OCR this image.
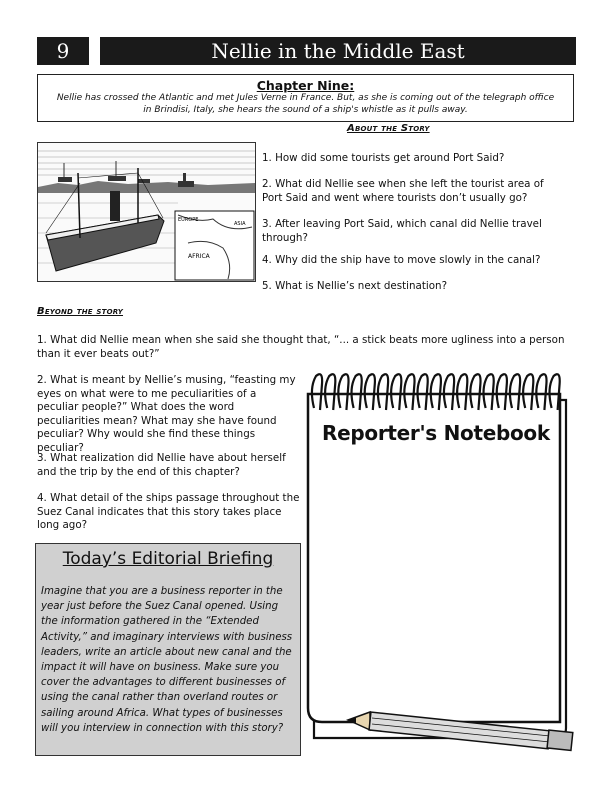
9	Nellie in the Middle East
Chapter Nine:
Nellie has crossed the Atlantic and met Jules Verne in France. But, as she is coming out of the telegraph office in Brindisi, Italy, she hears the sound of a ship's whistle as it pulls away.
About the Story
EUROPE
ASIA
AFRICA
1. How did some tourists get around Port Said?
2. What did Nellie see when she left the tourist area of Port Said and went where tourists don’t usually go?
3. After leaving Port Said, which canal did Nellie travel through?
4. Why did the ship have to move slowly in the canal?
5. What is Nellie’s next destination?
Beyond the story
1. What did Nellie mean when she said she thought that, “... a stick beats more ugliness into a person than it ever beats out?”
2. What is meant by Nellie’s musing, “feasting my eyes on what were to me peculiarities of a peculiar people?” What does the word peculiarities mean? What may she have found peculiar? Why would she find these things peculiar?
3. What realization did Nellie have about herself and the trip by the end of this chapter?
4. What detail of the ships passage throughout the Suez Canal indicates that this story takes place long ago?
Today’s Editorial Briefing
Imagine that you are a business reporter in the year just before the Suez Canal opened. Using the information gathered in the “Extended Activity,” and imaginary interviews with business leaders, write an article about new canal and the impact it will have on business. Make sure you cover the advantages to different businesses of using the canal rather than overland routes or sailing around Africa. What types of businesses will you interview in connection with this story?
Reporter's Notebook
